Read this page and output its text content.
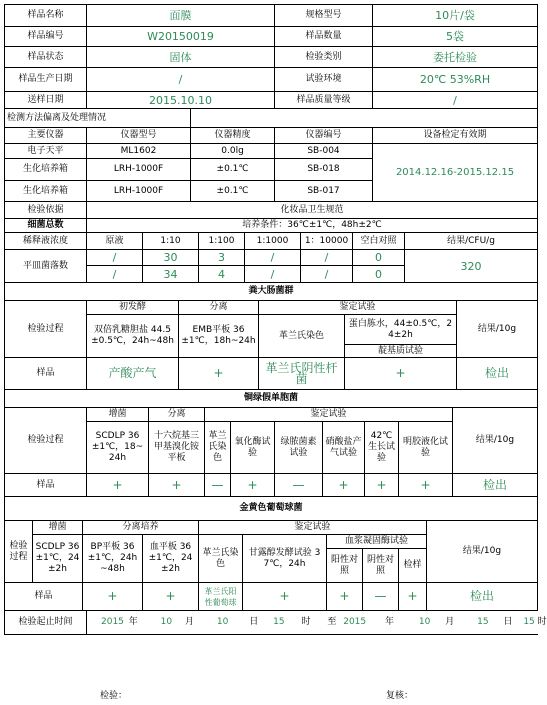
样品名称	面膜	规格型号	10片/袋
样品编号	W20150019	样品数量	5袋
样品状态	固体	检验类别	委托检验
样品生产日期	/	试验环境	20℃ 53%RH
送样日期	2015.10.10	样品质量等级	/
检测方法偏离及处理情况				
主要仪器	仪器型号	仪器精度	仪器编号	设备检定有效期
电子天平	ML1602	0.0lg	SB-004	2014.12.16-2015.12.15
生化培养箱	LRH-1000F	±0.1℃	SB-018	
生化培养箱	LRH-1000F	±0.1℃	SB-017	
检验依据	化妆品卫生规范			
细菌总数	培养条件：36℃±1℃，48h±2℃						
稀释液浓度	原液	1:10	1:100	1:1000	1：10000	空白对照	结果/CFU/g
平皿菌落数	/	30	3	/	/	0	320
	/	34	4	/	/	0	
粪大肠菌群					
检验过程	初发酵	分离	鉴定试验		结果/10g
	双倍乳糖胆盐 44.5±0.5℃，24h~48h	EMB平板 36±1℃，18h~24h	革兰氏染色	蛋白胨水，44±0.5℃，24±2h	

				靛基质试验	
样品	产酸产气	+	革兰氏阴性杆菌	+	检出
铜绿假单胞菌									
检验过程	增菌	分离	鉴定试验						结果/10g
	SCDLP 36±1℃，18~24h	十六烷基三甲基溴化铵平板	革兰氏染色	氧化酶试验	绿脓菌素试验	硝酸盐产气试验	42℃生长试验	明胶液化试验	
样品	+	+	—	+	—	+	+	+	检出
金黄色葡萄球菌									
检验过程	增菌	分离培养		鉴定试验					结果/10g
	SCDLP 36±1℃，24±2h	BP平板 36±1℃，24h~48h	血平板 36±1℃，24±2h	革兰氏染色	甘露醇发酵试验 37℃，24h	血浆凝固酶试验			
						阳性对照	阴性对照	检样	
样品		+	+	革兰氏阳性葡萄球	+	+	—	+	检出
检验起止时间	2015 年	10 月	10 日 15 时 至 2015 年	10 月	15 日 15 时
检验：	复核：
